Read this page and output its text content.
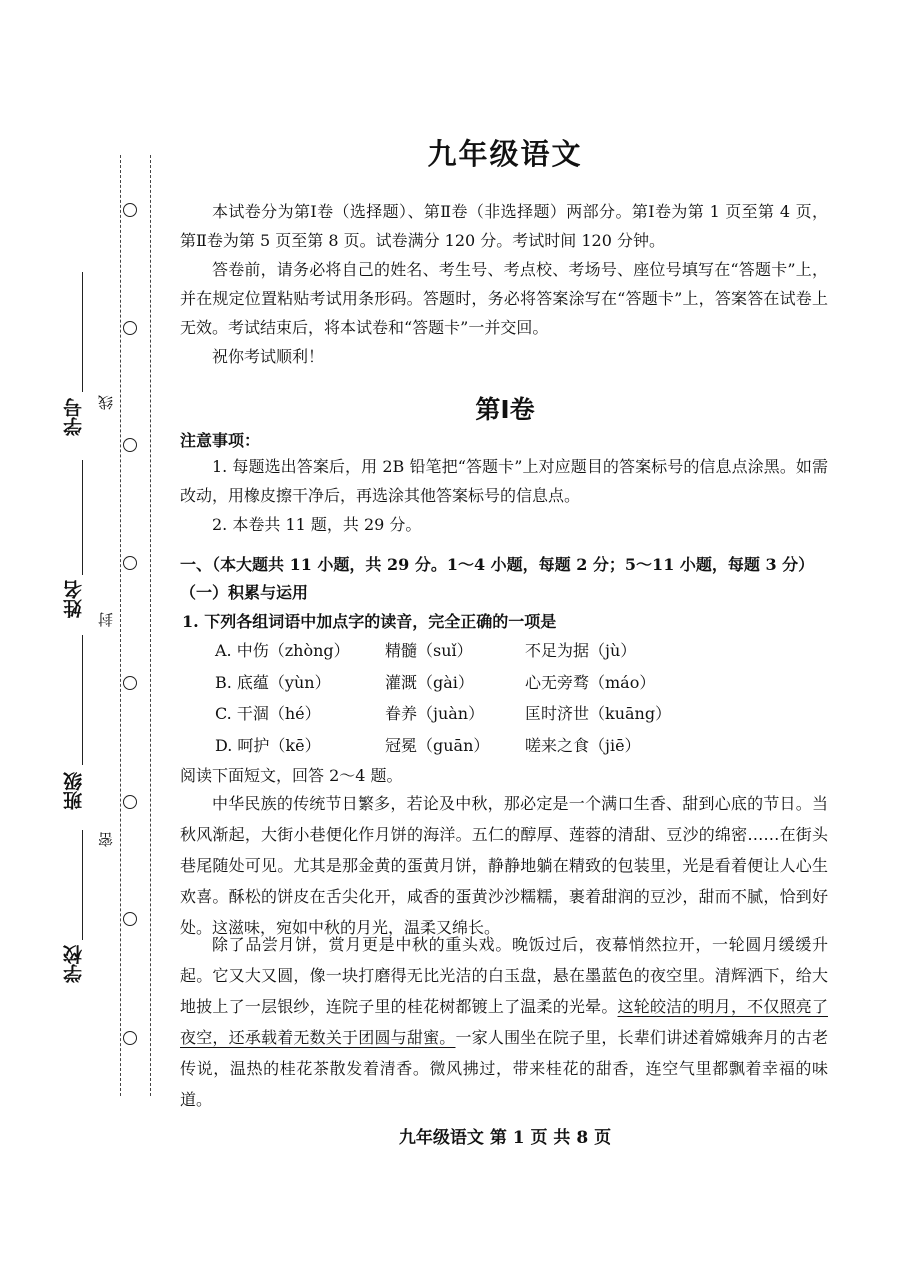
学号
姓名
班级
学校
线
封
密
九年级语文

本试卷分为第Ⅰ卷（选择题）、第Ⅱ卷（非选择题）两部分。第Ⅰ卷为第 1 页至第 4 页，第Ⅱ卷为第 5 页至第 8 页。试卷满分 120 分。考试时间 120 分钟。

答卷前，请务必将自己的姓名、考生号、考点校、考场号、座位号填写在“答题卡”上，并在规定位置粘贴考试用条形码。答题时，务必将答案涂写在“答题卡”上，答案答在试卷上无效。考试结束后，将本试卷和“答题卡”一并交回。

祝你考试顺利！

第Ⅰ卷
注意事项：

1. 每题选出答案后，用 2B 铅笔把“答题卡”上对应题目的答案标号的信息点涂黑。如需改动，用橡皮擦干净后，再选涂其他答案标号的信息点。

2. 本卷共 11 题，共 29 分。

一、（本大题共 11 小题，共 29 分。1～4 小题，每题 2 分；5～11 小题，每题 3 分）
（一）积累与运用
1. 下列各组词语中加点字的读音，完全正确的一项是
A. 中伤（zhòng） 精髓（suǐ）	不足为据（jù）
B. 底蕴（yùn）	灌溉（gài）	心无旁骛（máo）
C. 干涸（hé）	眷养（juàn）	匡时济世（kuāng）
D. 呵护（kē）	冠冕（guān） 嗟来之食（jiē）
阅读下面短文，回答 2～4 题。

中华民族的传统节日繁多，若论及中秋，那必定是一个满口生香、甜到心底的节日。当秋风渐起，大街小巷便化作月饼的海洋。五仁的醇厚、莲蓉的清甜、豆沙的绵密……在街头巷尾随处可见。尤其是那金黄的蛋黄月饼，静静地躺在精致的包装里，光是看着便让人心生欢喜。酥松的饼皮在舌尖化开，咸香的蛋黄沙沙糯糯，裹着甜润的豆沙，甜而不腻，恰到好处。这滋味，宛如中秋的月光，温柔又绵长。

除了品尝月饼，赏月更是中秋的重头戏。晚饭过后，夜幕悄然拉开，一轮圆月缓缓升起。它又大又圆，像一块打磨得无比光洁的白玉盘，悬在墨蓝色的夜空里。清辉洒下，给大地披上了一层银纱，连院子里的桂花树都镀上了温柔的光晕。这轮皎洁的明月，不仅照亮了夜空，还承载着无数关于团圆与甜蜜。一家人围坐在院子里，长辈们讲述着嫦娥奔月的古老传说，温热的桂花茶散发着清香。微风拂过，带来桂花的甜香，连空气里都飘着幸福的味道。

九年级语文 第 1 页 共 8 页
